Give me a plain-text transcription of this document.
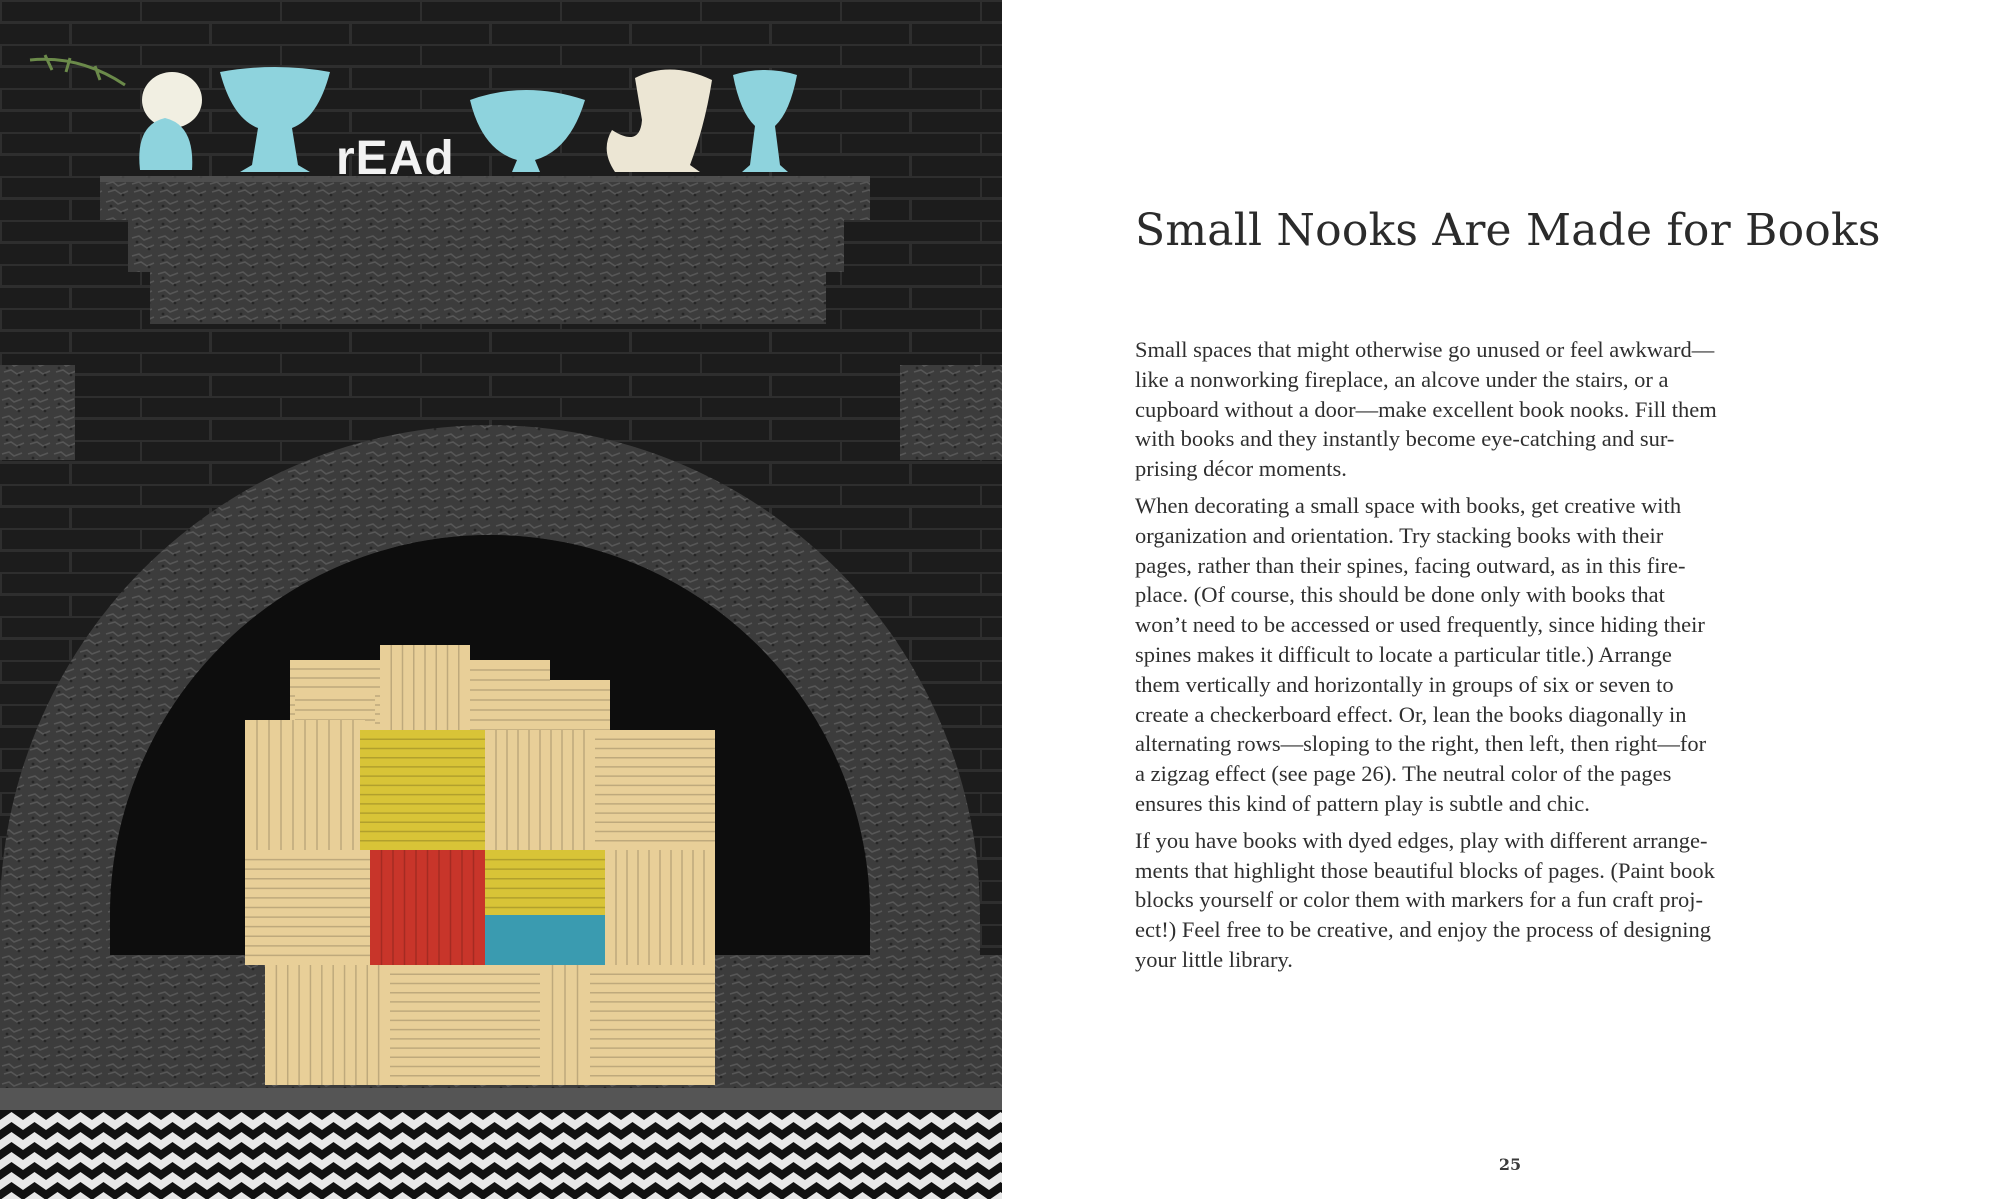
rEAd
Small Nooks Are Made for Books

Small spaces that might otherwise go unused or feel awkward—
like a nonworking fireplace, an alcove under the stairs, or a
cupboard without a door—make excellent book nooks. Fill them
with books and they instantly become eye-catching and sur-
prising décor moments.

When decorating a small space with books, get creative with
organization and orientation. Try stacking books with their
pages, rather than their spines, facing outward, as in this fire-
place. (Of course, this should be done only with books that
won’t need to be accessed or used frequently, since hiding their
spines makes it difficult to locate a particular title.) Arrange
them vertically and horizontally in groups of six or seven to
create a checkerboard effect. Or, lean the books diagonally in
alternating rows—sloping to the right, then left, then right—for
a zigzag effect (see page 26). The neutral color of the pages
ensures this kind of pattern play is subtle and chic.

If you have books with dyed edges, play with different arrange-
ments that highlight those beautiful blocks of pages. (Paint book
blocks yourself or color them with markers for a fun craft proj-
ect!) Feel free to be creative, and enjoy the process of designing
your little library.

25
